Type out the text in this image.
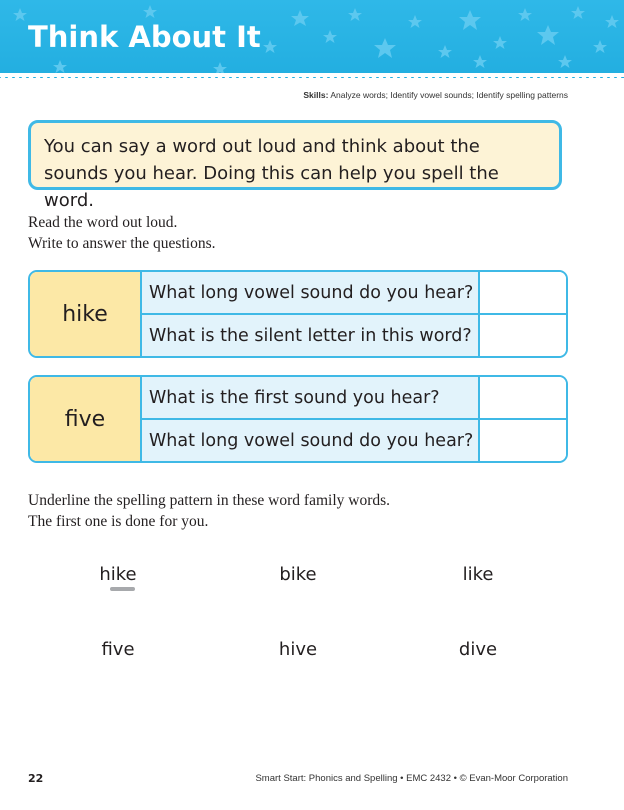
Think About It
Skills: Analyze words; Identify vowel sounds; Identify spelling patterns

You can say a word out loud and think about the sounds you hear. Doing this can help you spell the word.

Read the word out loud.
Write to answer the questions.
hike
What long vowel sound do you hear?
What is the silent letter in this word?
five
What is the first sound you hear?
What long vowel sound do you hear?
Underline the spelling pattern in these word family words.
The first one is done for you.
hike	bike	like
five	hive	dive
22	Smart Start: Phonics and Spelling • EMC 2432 • © Evan-Moor Corporation
